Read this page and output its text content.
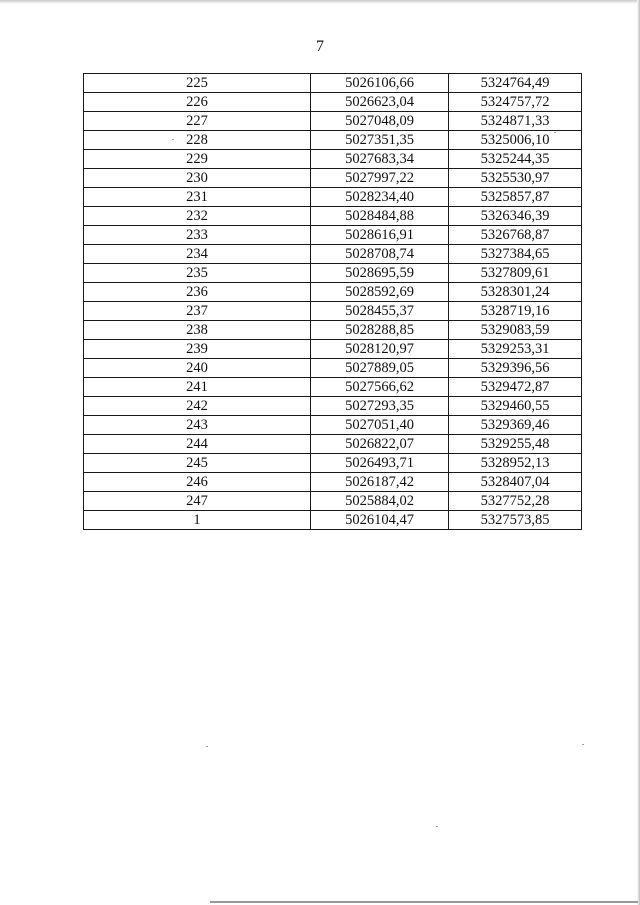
7
225	5026106,66	5324764,49
226	5026623,04	5324757,72
227	5027048,09	5324871,33
228	5027351,35	5325006,10
229	5027683,34	5325244,35
230	5027997,22	5325530,97
231	5028234,40	5325857,87
232	5028484,88	5326346,39
233	5028616,91	5326768,87
234	5028708,74	5327384,65
235	5028695,59	5327809,61
236	5028592,69	5328301,24
237	5028455,37	5328719,16
238	5028288,85	5329083,59
239	5028120,97	5329253,31
240	5027889,05	5329396,56
241	5027566,62	5329472,87
242	5027293,35	5329460,55
243	5027051,40	5329369,46
244	5026822,07	5329255,48
245	5026493,71	5328952,13
246	5026187,42	5328407,04
247	5025884,02	5327752,28
1	5026104,47	5327573,85
